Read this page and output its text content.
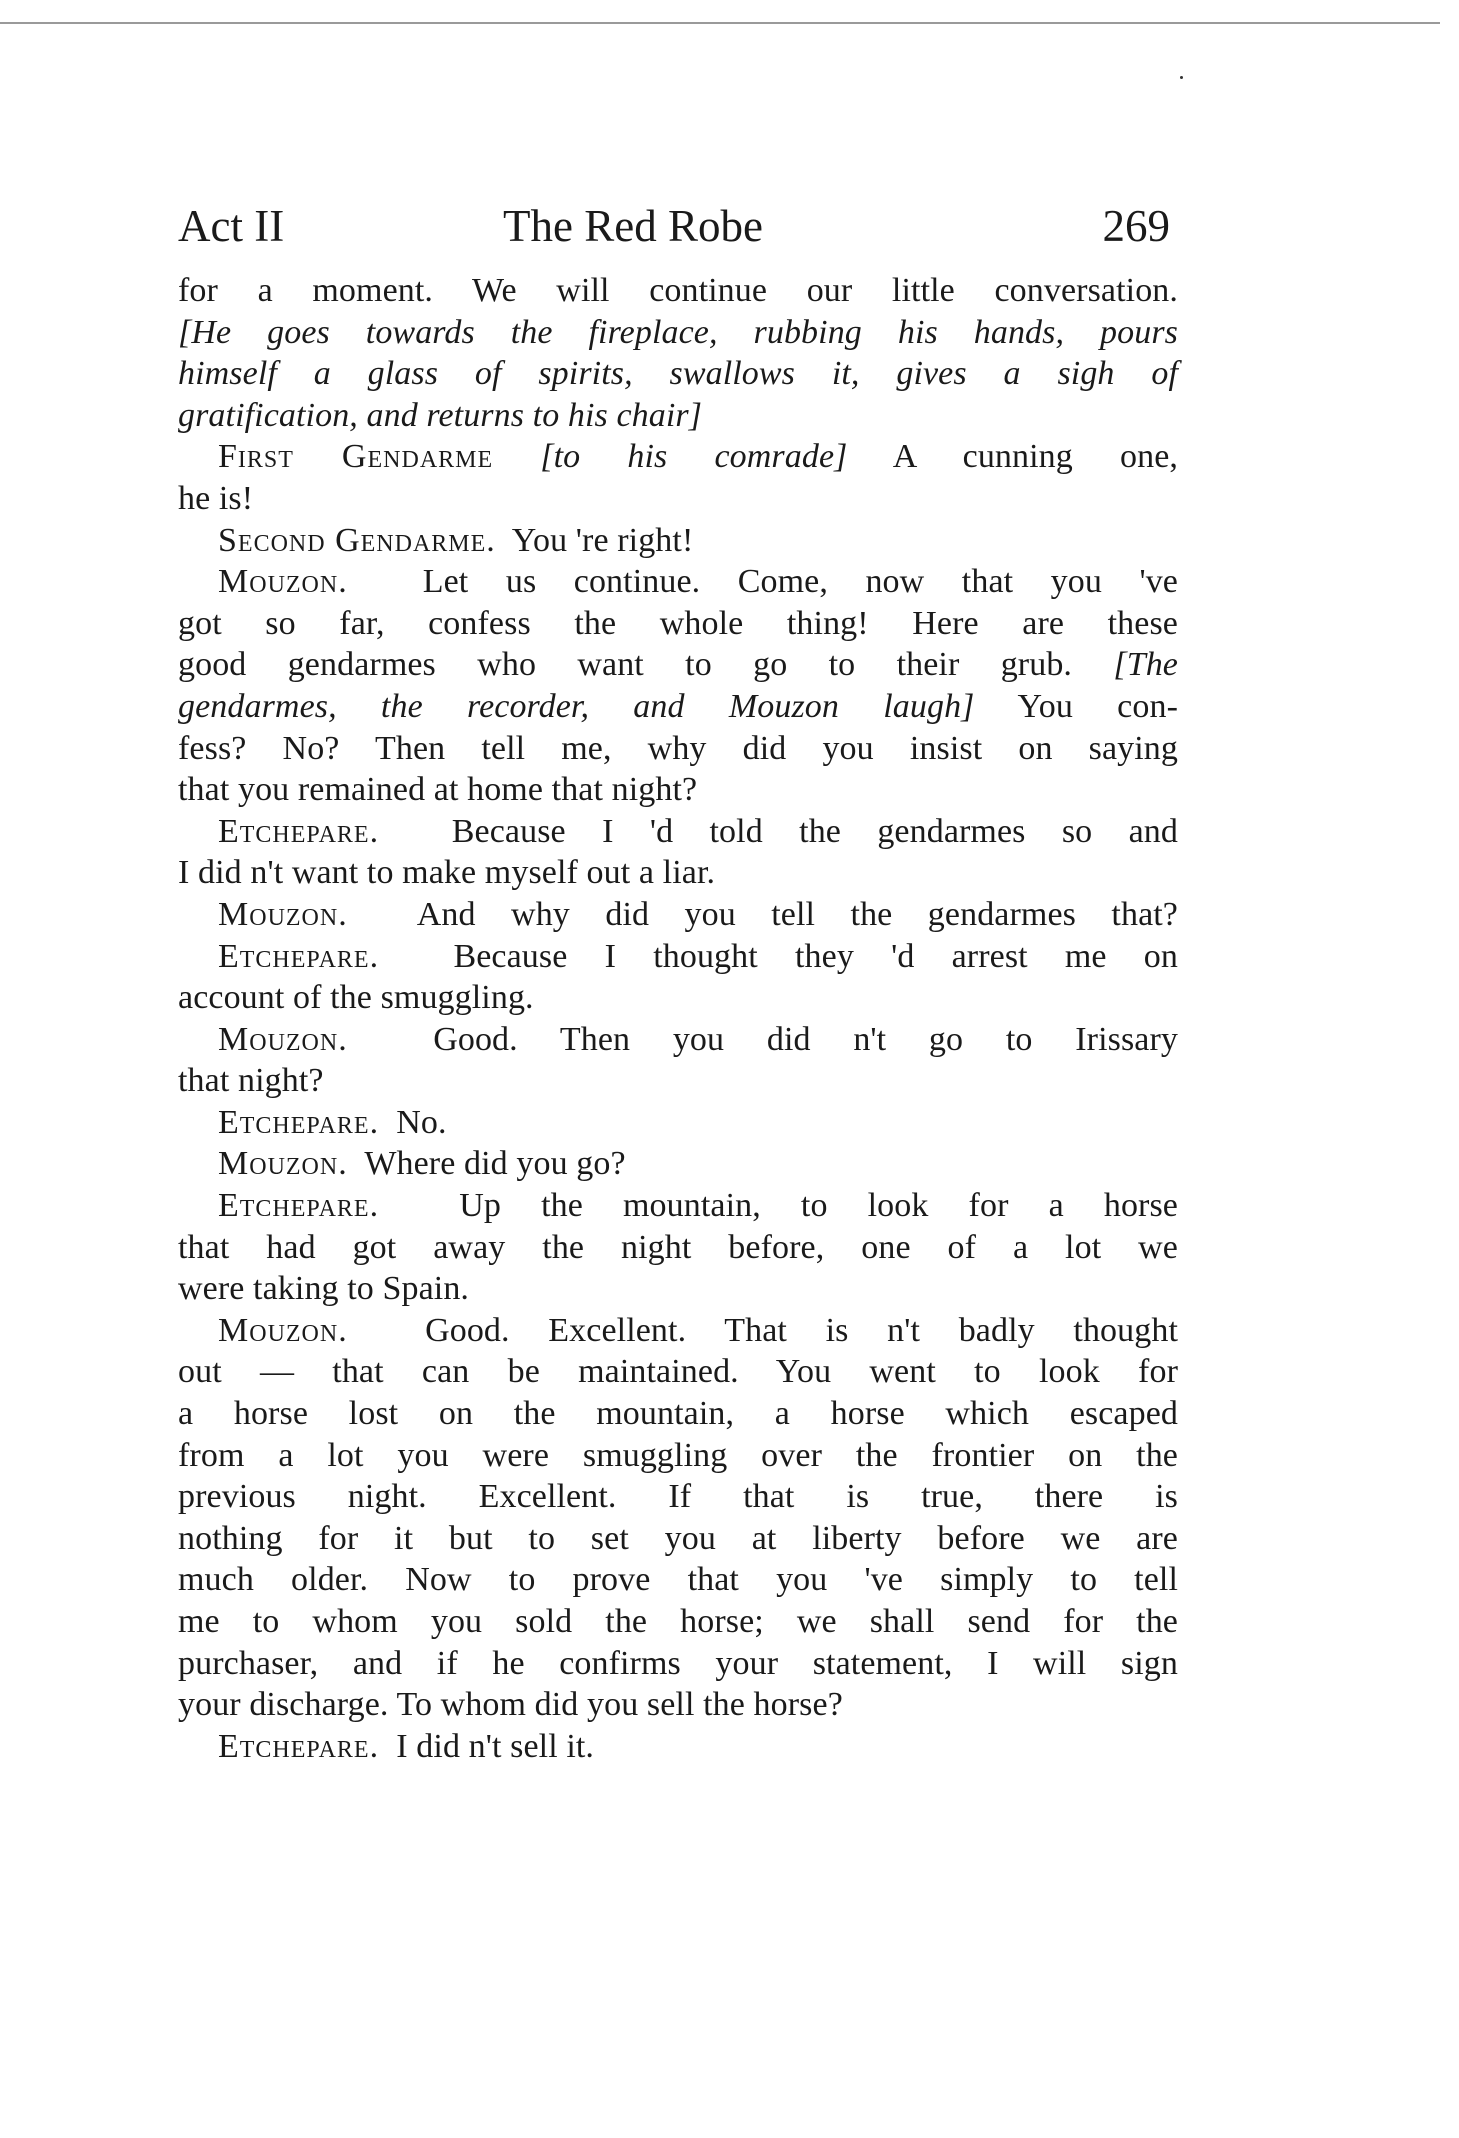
Act II	The Red Robe	269
for a moment. We will continue our little conversation.
[He goes towards the fireplace, rubbing his hands, pours
himself a glass of spirits, swallows it, gives a sigh of
gratification, and returns to his chair]
First Gendarme [to his comrade] A cunning one,
he is!
Second Gendarme. You 're right!
Mouzon. Let us continue. Come, now that you 've
got so far, confess the whole thing! Here are these
good gendarmes who want to go to their grub. [The
gendarmes, the recorder, and Mouzon laugh] You con-
fess? No? Then tell me, why did you insist on saying
that you remained at home that night?
Etchepare. Because I 'd told the gendarmes so and
I did n't want to make myself out a liar.
Mouzon. And why did you tell the gendarmes that?
Etchepare. Because I thought they 'd arrest me on
account of the smuggling.
Mouzon.	Good. Then you did n't go to Irissary
that night?
Etchepare. No.
Mouzon. Where did you go?
Etchepare. Up the mountain, to look for a horse
that had got away the night before, one of a lot we
were taking to Spain.
Mouzon. Good. Excellent. That is n't badly thought
out — that can be maintained. You went to look for
a horse lost on the mountain, a horse which escaped
from a lot you were smuggling over the frontier on the
previous night. Excellent. If that is true, there is
nothing for it but to set you at liberty before we are
much older. Now to prove that you 've simply to tell
me to whom you sold the horse; we shall send for the
purchaser, and if he confirms your statement, I will sign
your discharge. To whom did you sell the horse?
Etchepare. I did n't sell it.
